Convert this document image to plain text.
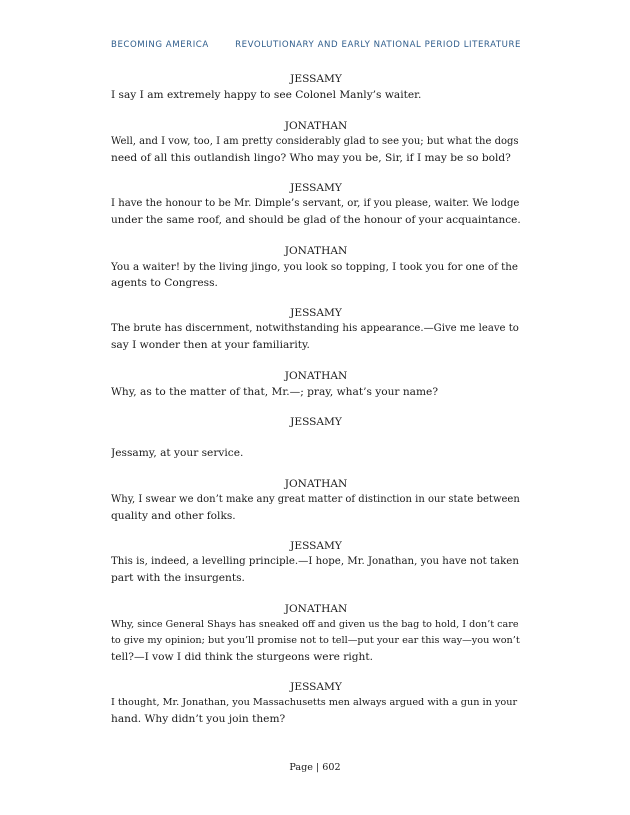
BECOMING AMERICA	REVOLUTIONARY AND EARLY NATIONAL PERIOD LITERATURE
JESSAMY
I say I am extremely happy to see Colonel Manly’s waiter.
JONATHAN
Well, and I vow, too, I am pretty considerably glad to see you; but what the dogs
need of all this outlandish lingo? Who may you be, Sir, if I may be so bold?
JESSAMY
I have the honour to be Mr. Dimple’s servant, or, if you please, waiter. We lodge
under the same roof, and should be glad of the honour of your acquaintance.
JONATHAN
You a waiter! by the living jingo, you look so topping, I took you for one of the
agents to Congress.
JESSAMY
The brute has discernment, notwithstanding his appearance.—Give me leave to
say I wonder then at your familiarity.
JONATHAN
Why, as to the matter of that, Mr.—; pray, what’s your name?
JESSAMY
Jessamy, at your service.
JONATHAN
Why, I swear we don’t make any great matter of distinction in our state between
quality and other folks.
JESSAMY
This is, indeed, a levelling principle.—I hope, Mr. Jonathan, you have not taken
part with the insurgents.
JONATHAN
Why, since General Shays has sneaked off and given us the bag to hold, I don’t care
to give my opinion; but you’ll promise not to tell—put your ear this way—you won’t
tell?—I vow I did think the sturgeons were right.
JESSAMY
I thought, Mr. Jonathan, you Massachusetts men always argued with a gun in your
hand. Why didn’t you join them?
Page | 602
